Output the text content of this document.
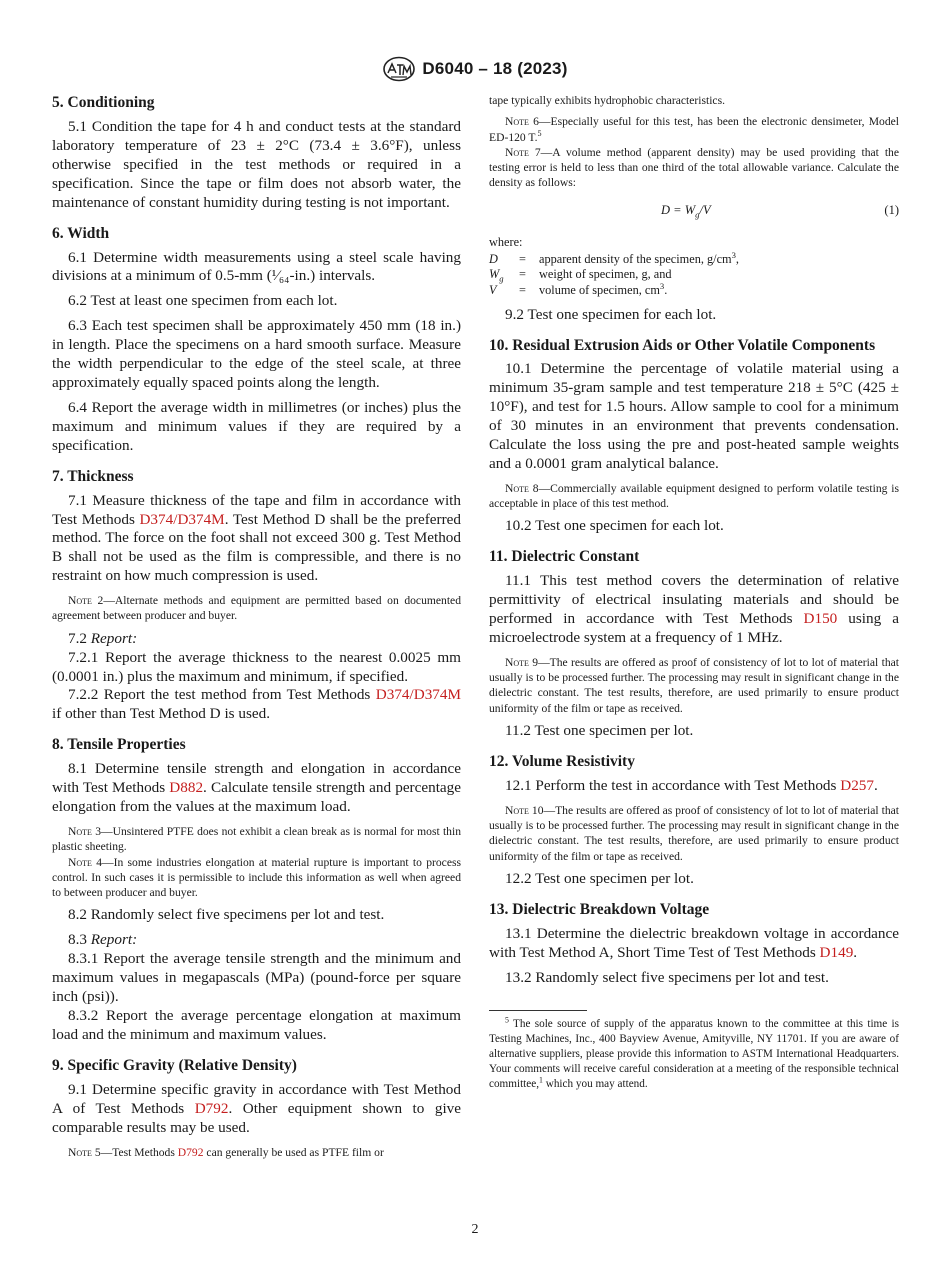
D6040 – 18 (2023)

5. Conditioning

5.1 Condition the tape for 4 h and conduct tests at the standard laboratory temperature of 23 ± 2°C (73.4 ± 3.6°F), unless otherwise specified in the test methods or required in a specification. Since the tape or film does not absorb water, the maintenance of constant humidity during testing is not important.

6. Width

6.1 Determine width measurements using a steel scale having divisions at a minimum of 0.5-mm (¹⁄₆₄-in.) intervals.

6.2 Test at least one specimen from each lot.

6.3 Each test specimen shall be approximately 450 mm (18 in.) in length. Place the specimens on a hard smooth surface. Measure the width perpendicular to the edge of the steel scale, at three approximately equally spaced points along the length.

6.4 Report the average width in millimetres (or inches) plus the maximum and minimum values if they are required by a specification.

7. Thickness

7.1 Measure thickness of the tape and film in accordance with Test Methods D374/D374M. Test Method D shall be the preferred method. The force on the foot shall not exceed 300 g. Test Method B shall not be used as the film is compressible, and there is no restraint on how much compression is used.

Note 2—Alternate methods and equipment are permitted based on documented agreement between producer and buyer.

7.2 Report:

7.2.1 Report the average thickness to the nearest 0.0025 mm (0.0001 in.) plus the maximum and minimum, if specified.

7.2.2 Report the test method from Test Methods D374/D374M if other than Test Method D is used.

8. Tensile Properties

8.1 Determine tensile strength and elongation in accordance with Test Methods D882. Calculate tensile strength and percentage elongation from the values at the maximum load.

Note 3—Unsintered PTFE does not exhibit a clean break as is normal for most thin plastic sheeting.

Note 4—In some industries elongation at material rupture is important to process control. In such cases it is permissible to include this information as well when agreed to between producer and buyer.

8.2 Randomly select five specimens per lot and test.

8.3 Report:

8.3.1 Report the average tensile strength and the minimum and maximum values in megapascals (MPa) (pound-force per square inch (psi)).

8.3.2 Report the average percentage elongation at maximum load and the minimum and maximum values.

9. Specific Gravity (Relative Density)

9.1 Determine specific gravity in accordance with Test Method A of Test Methods D792. Other equipment shown to give comparable results may be used.

Note 5—Test Methods D792 can generally be used as PTFE film or

tape typically exhibits hydrophobic characteristics.

Note 6—Especially useful for this test, has been the electronic densimeter, Model ED-120 T.$^5$

Note 7—A volume method (apparent density) may be used providing that the testing error is held to less than one third of the total allowable variance. Calculate the density as follows:

$D = W_g/V$	(1)

where:

D	=	apparent density of the specimen, $g/cm^3$,
$W_g$	=	weight of specimen, g, and
V	=	volume of specimen, $cm^3$.

9.2 Test one specimen for each lot.

10. Residual Extrusion Aids or Other Volatile Components

10.1 Determine the percentage of volatile material using a minimum 35-gram sample and test temperature 218 ± 5°C (425 ± 10°F), and test for 1.5 hours. Allow sample to cool for a minimum of 30 minutes in an environment that prevents condensation. Calculate the loss using the pre and post-heated sample weights and a 0.0001 gram analytical balance.

Note 8—Commercially available equipment designed to perform volatile testing is acceptable in place of this test method.

10.2 Test one specimen for each lot.

11. Dielectric Constant

11.1 This test method covers the determination of relative permittivity of electrical insulating materials and should be performed in accordance with Test Methods D150 using a microelectrode system at a frequency of 1 MHz.

Note 9—The results are offered as proof of consistency of lot to lot of material that usually is to be processed further. The processing may result in significant change in the dielectric constant. The test results, therefore, are used primarily to ensure product uniformity of the film or tape as received.

11.2 Test one specimen per lot.

12. Volume Resistivity

12.1 Perform the test in accordance with Test Methods D257.

Note 10—The results are offered as proof of consistency of lot to lot of material that usually is to be processed further. The processing may result in significant change in the dielectric constant. The test results, therefore, are used primarily to ensure product uniformity of the film or tape as received.

12.2 Test one specimen per lot.

13. Dielectric Breakdown Voltage

13.1 Determine the dielectric breakdown voltage in accordance with Test Method A, Short Time Test of Test Methods D149.

13.2 Randomly select five specimens per lot and test.

$^5$ The sole source of supply of the apparatus known to the committee at this time is Testing Machines, Inc., 400 Bayview Avenue, Amityville, NY 11701. If you are aware of alternative suppliers, please provide this information to ASTM International Headquarters. Your comments will receive careful consideration at a meeting of the responsible technical committee,$^1$ which you may attend.

2
